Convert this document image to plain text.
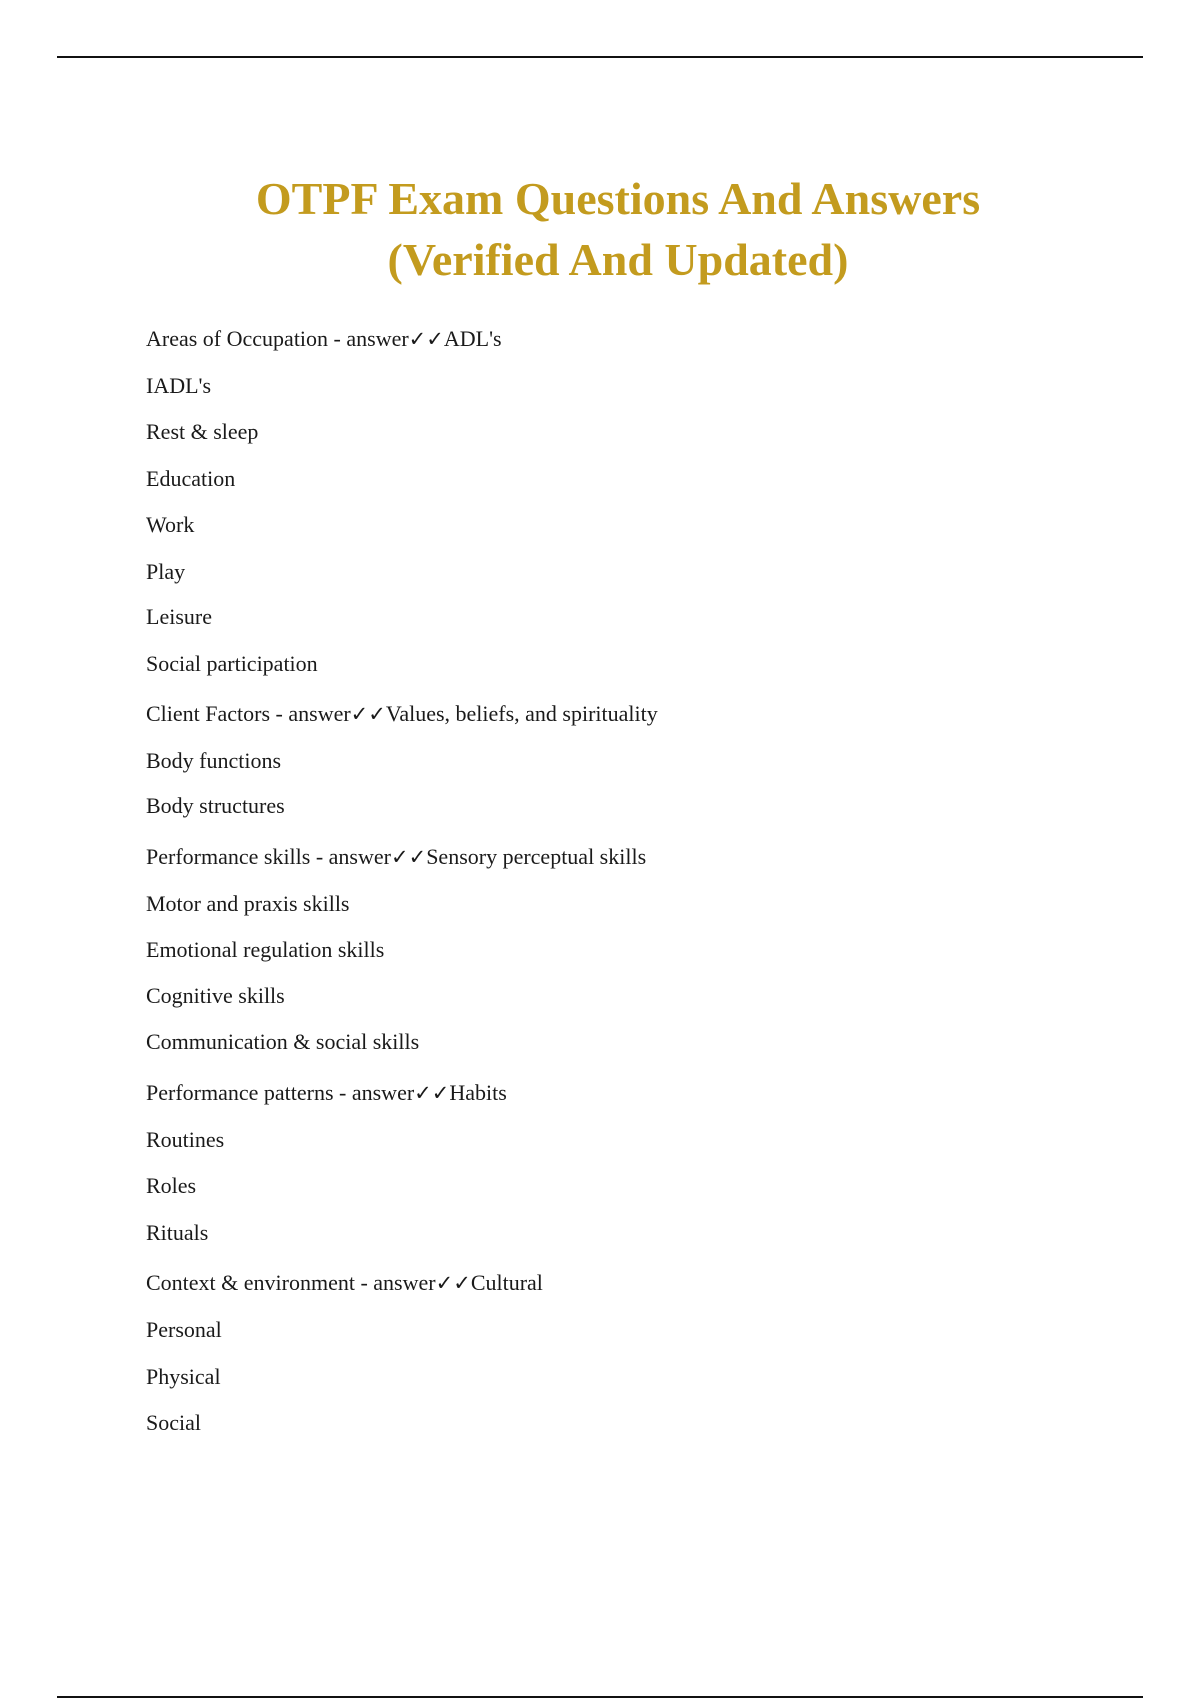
OTPF Exam Questions And Answers
(Verified And Updated)

Areas of Occupation - answer✓✓ADL's

IADL's

Rest & sleep

Education

Work

Play

Leisure

Social participation

Client Factors - answer✓✓Values, beliefs, and spirituality

Body functions

Body structures

Performance skills - answer✓✓Sensory perceptual skills

Motor and praxis skills

Emotional regulation skills

Cognitive skills

Communication & social skills

Performance patterns - answer✓✓Habits

Routines

Roles

Rituals

Context & environment - answer✓✓Cultural

Personal

Physical

Social
